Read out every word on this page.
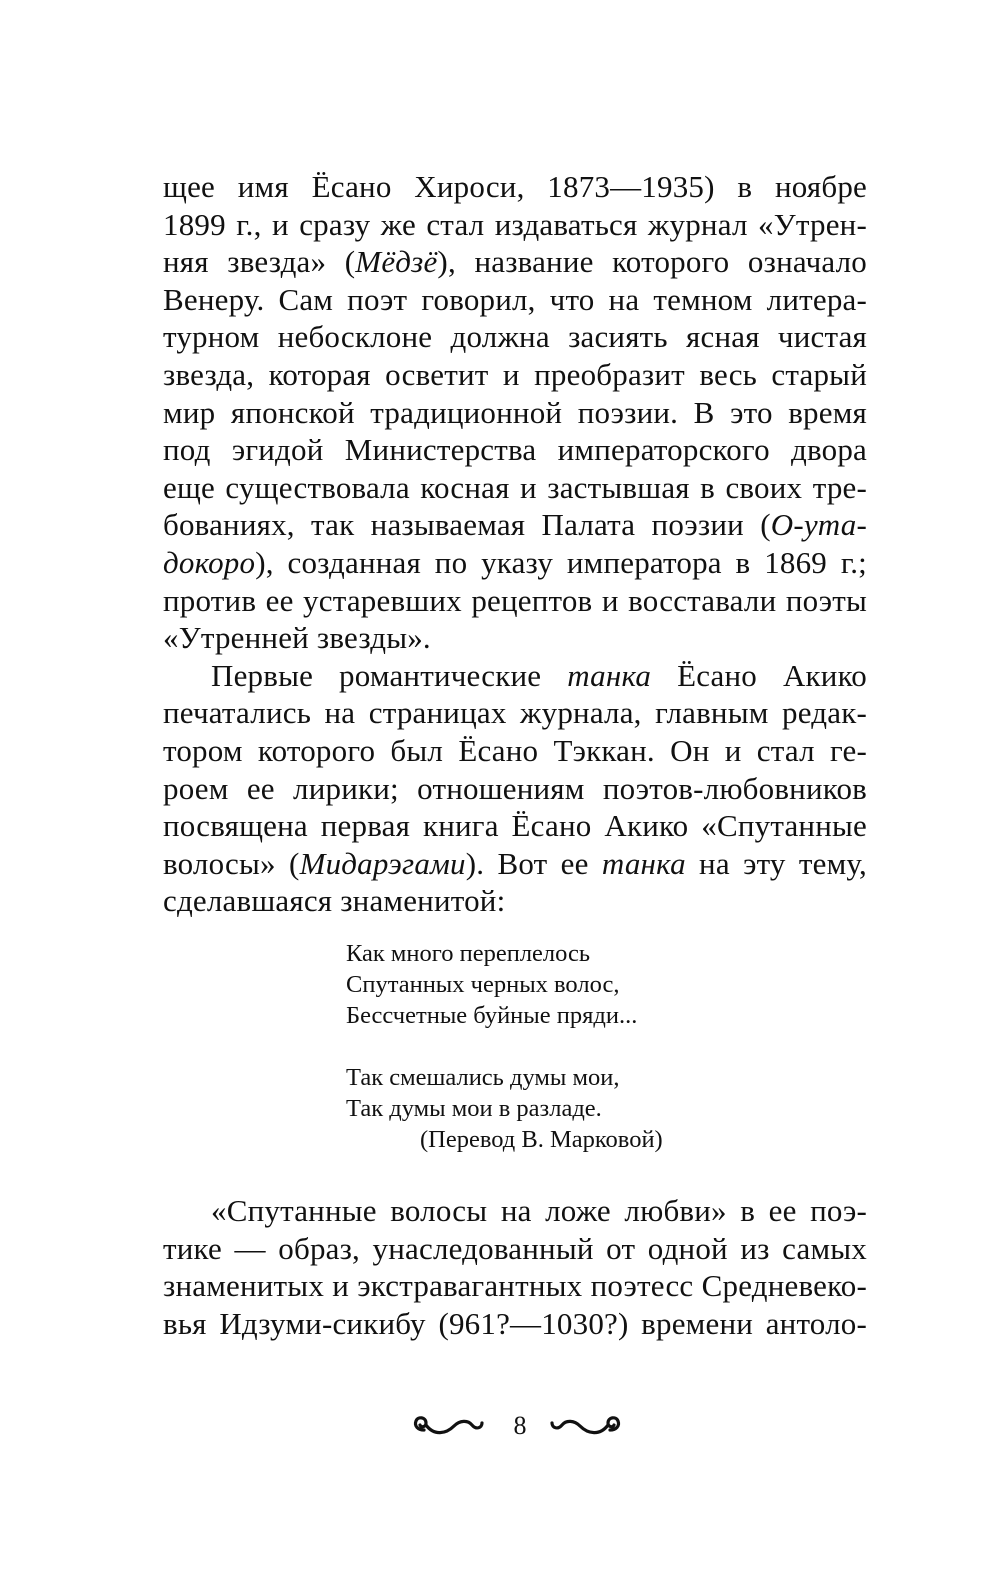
щее имя Ёсано Хироси, 1873—1935) в ноябре
1899 г., и сразу же стал издаваться журнал «Утрен-
няя звезда» (Мёдзё), название которого означало
Венеру. Сам поэт говорил, что на темном литера-
турном небосклоне должна засиять ясная чистая
звезда, которая осветит и преобразит весь старый
мир японской традиционной поэзии. В это время
под эгидой Министерства императорского двора
еще существовала косная и застывшая в своих тре-
бованиях, так называемая Палата поэзии (О-ута-
докоро), созданная по указу императора в 1869 г.;
против ее устаревших рецептов и восставали поэты
«Утренней звезды».
Первые романтические танка Ёсано Акико
печатались на страницах журнала, главным редак-
тором которого был Ёсано Тэккан. Он и стал ге-
роем ее лирики; отношениям поэтов-любовников
посвящена первая книга Ёсано Акико «Спутанные
волосы» (Мидарэгами). Вот ее танка на эту тему,
сделавшаяся знаменитой:
Как много переплелось
Спутанных черных волос,
Бессчетные буйные пряди...
Так смешались думы мои,
Так думы мои в разладе.
(Перевод В. Марковой)
«Спутанные волосы на ложе любви» в ее поэ-
тике — образ, унаследованный от одной из самых
знаменитых и экстравагантных поэтесс Средневеко-
вья Идзуми-сикибу (961?—1030?) времени антоло-
8
